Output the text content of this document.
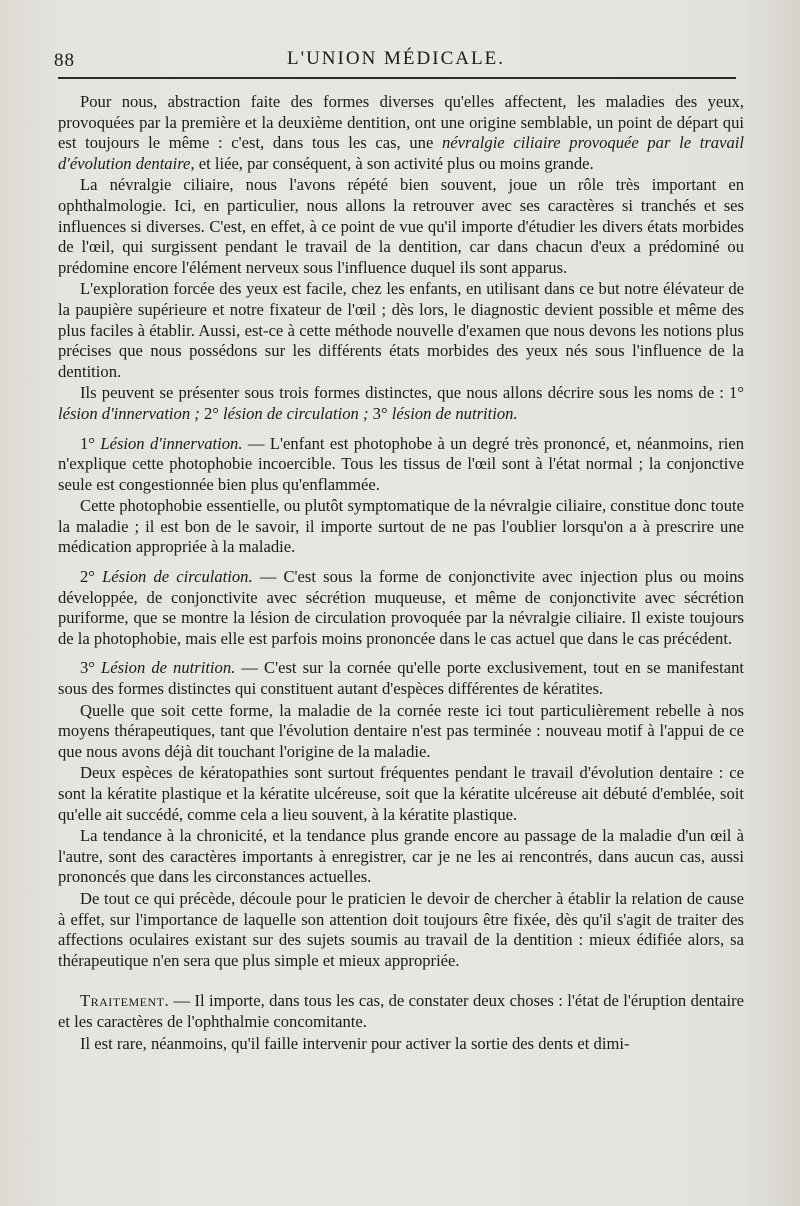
88	L'UNION MÉDICALE.

Pour nous, abstraction faite des formes diverses qu'elles affectent, les maladies des yeux, provoquées par la première et la deuxième dentition, ont une origine semblable, un point de départ qui est toujours le même : c'est, dans tous les cas, une névralgie ciliaire provoquée par le travail d'évolution dentaire, et liée, par conséquent, à son activité plus ou moins grande.

La névralgie ciliaire, nous l'avons répété bien souvent, joue un rôle très important en ophthalmologie. Ici, en particulier, nous allons la retrouver avec ses caractères si tranchés et ses influences si diverses. C'est, en effet, à ce point de vue qu'il importe d'étudier les divers états morbides de l'œil, qui surgissent pendant le travail de la dentition, car dans chacun d'eux a prédominé ou prédomine encore l'élément nerveux sous l'influence duquel ils sont apparus.

L'exploration forcée des yeux est facile, chez les enfants, en utilisant dans ce but notre élévateur de la paupière supérieure et notre fixateur de l'œil ; dès lors, le diagnostic devient possible et même des plus faciles à établir. Aussi, est-ce à cette méthode nouvelle d'examen que nous devons les notions plus précises que nous possédons sur les différents états morbides des yeux nés sous l'influence de la dentition.

Ils peuvent se présenter sous trois formes distinctes, que nous allons décrire sous les noms de : 1° lésion d'innervation ; 2° lésion de circulation ; 3° lésion de nutrition.

1° Lésion d'innervation. — L'enfant est photophobe à un degré très prononcé, et, néanmoins, rien n'explique cette photophobie incoercible. Tous les tissus de l'œil sont à l'état normal ; la conjonctive seule est congestionnée bien plus qu'enflammée.

Cette photophobie essentielle, ou plutôt symptomatique de la névralgie ciliaire, constitue donc toute la maladie ; il est bon de le savoir, il importe surtout de ne pas l'oublier lorsqu'on a à prescrire une médication appropriée à la maladie.

2° Lésion de circulation. — C'est sous la forme de conjonctivite avec injection plus ou moins développée, de conjonctivite avec sécrétion muqueuse, et même de conjonctivite avec sécrétion puriforme, que se montre la lésion de circulation provoquée par la névralgie ciliaire. Il existe toujours de la photophobie, mais elle est parfois moins prononcée dans le cas actuel que dans le cas précédent.

3° Lésion de nutrition. — C'est sur la cornée qu'elle porte exclusivement, tout en se manifestant sous des formes distinctes qui constituent autant d'espèces différentes de kératites.

Quelle que soit cette forme, la maladie de la cornée reste ici tout particulièrement rebelle à nos moyens thérapeutiques, tant que l'évolution dentaire n'est pas terminée : nouveau motif à l'appui de ce que nous avons déjà dit touchant l'origine de la maladie.

Deux espèces de kératopathies sont surtout fréquentes pendant le travail d'évolution dentaire : ce sont la kératite plastique et la kératite ulcéreuse, soit que la kératite ulcéreuse ait débuté d'emblée, soit qu'elle ait succédé, comme cela a lieu souvent, à la kératite plastique.

La tendance à la chronicité, et la tendance plus grande encore au passage de la maladie d'un œil à l'autre, sont des caractères importants à enregistrer, car je ne les ai rencontrés, dans aucun cas, aussi prononcés que dans les circonstances actuelles.

De tout ce qui précède, découle pour le praticien le devoir de chercher à établir la relation de cause à effet, sur l'importance de laquelle son attention doit toujours être fixée, dès qu'il s'agit de traiter des affections oculaires existant sur des sujets soumis au travail de la dentition : mieux édifiée alors, sa thérapeutique n'en sera que plus simple et mieux appropriée.

Traitement. — Il importe, dans tous les cas, de constater deux choses : l'état de l'éruption dentaire et les caractères de l'ophthalmie concomitante.

Il est rare, néanmoins, qu'il faille intervenir pour activer la sortie des dents et dimi-
